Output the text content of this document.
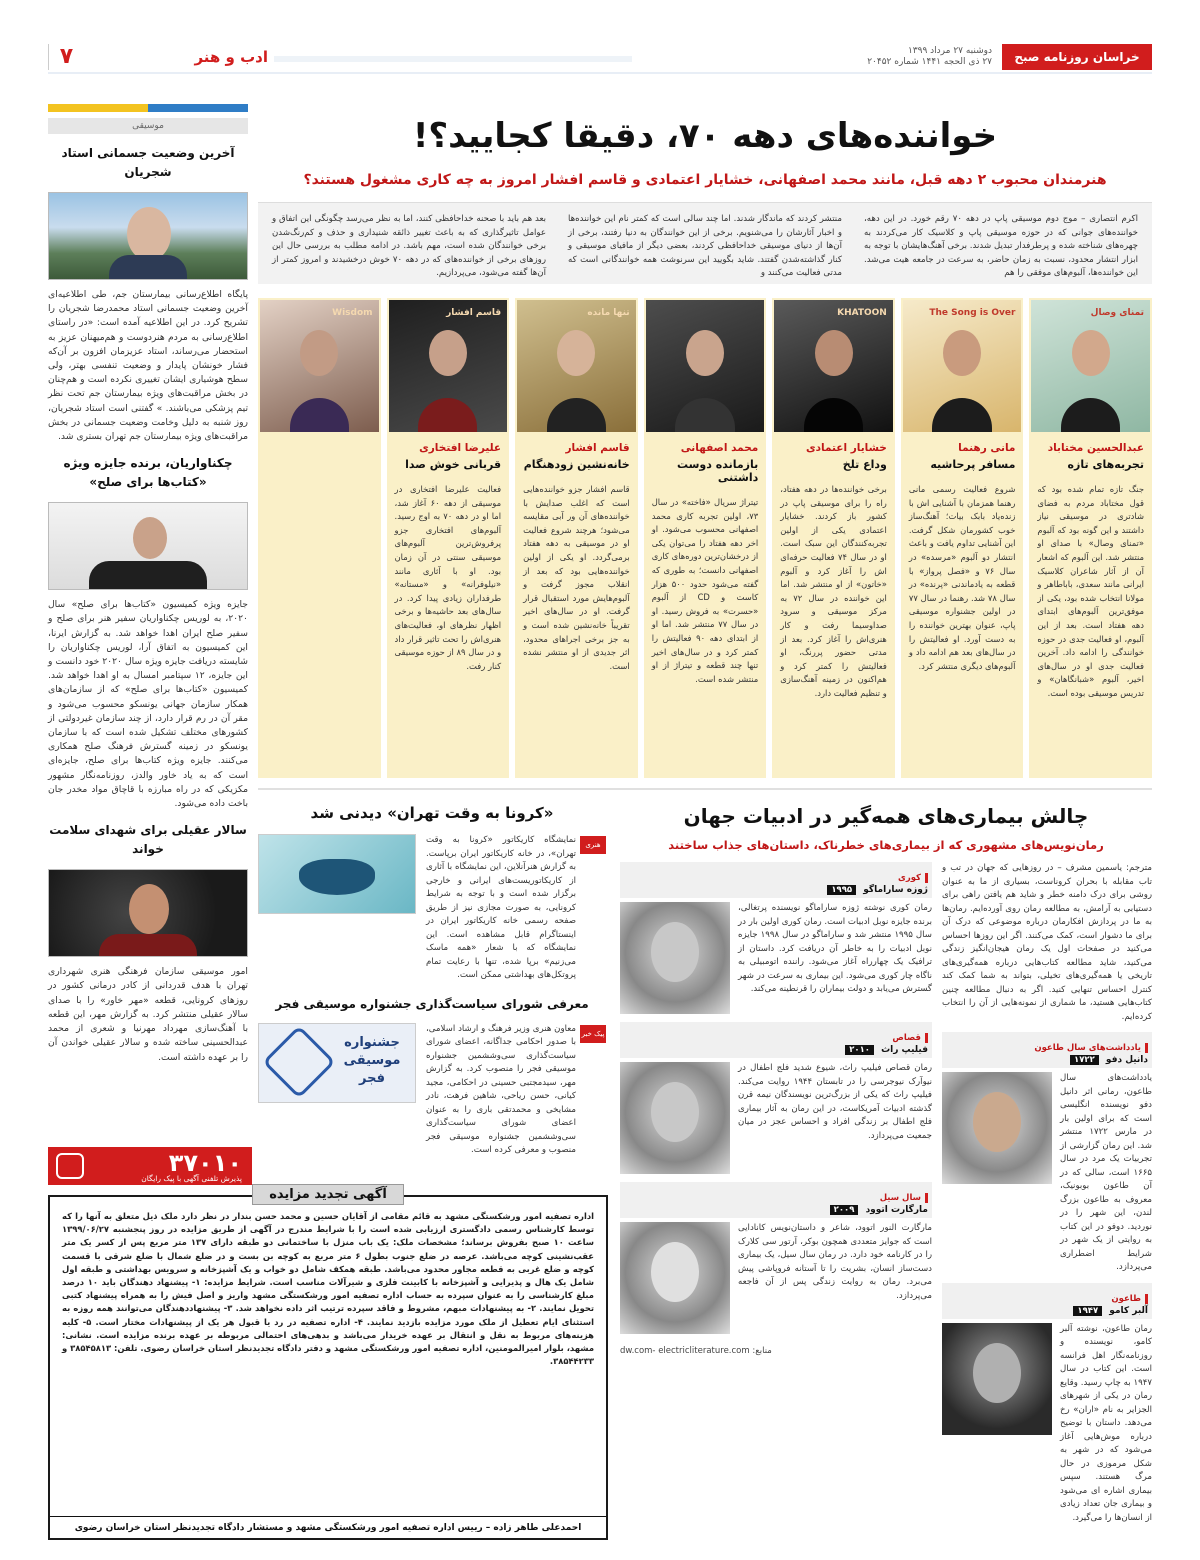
خراسان روزنامه صبح ایران
دوشنبه ۲۷ مرداد ۱۳۹۹
۲۷ ذی الحجه ۱۴۴۱ شماره ۲۰۴۵۲
ادب و هنر
۷
موسیقی
آخرین وضعیت جسمانی استاد شجریان
پایگاه اطلاع‌رسانی بیمارستان جم، طی اطلاعیه‌ای آخرین وضعیت جسمانی استاد محمدرضا شجریان را تشریح کرد. در این اطلاعیه آمده است: «در راستای اطلاع‌رسانی به مردم هنردوست و هم‌میهنان عزیز به استحضار می‌رساند، استاد عزیزمان افزون بر آن‌که فشار خونشان پایدار و وضعیت تنفسی بهتر، ولی سطح هوشیاری ایشان تغییری نکرده است و هم‌چنان در بخش مراقبت‌های ویژه بیمارستان جم تحت نظر تیم پزشکی می‌باشند. » گفتنی است استاد شجریان، روز شنبه به دلیل وخامت وضعیت جسمانی در بخش مراقبت‌های ویژه بیمارستان جم تهران بستری شد.
چکناواریان، برنده جایزه ویژه «کتاب‌ها برای صلح»
جایزه ویژه کمیسیون «کتاب‌ها برای صلح» سال ۲۰۲۰، به لوریس چکناواریان سفیر هنر برای صلح و سفیر صلح ایران اهدا خواهد شد. به گزارش ایرنا، این کمیسیون به اتفاق آرا، لوریس چکناواریان را شایسته دریافت جایزه ویژه سال ۲۰۲۰ خود دانست و این جایزه، ۱۲ سپتامبر امسال به او اهدا خواهد شد. کمیسیون «کتاب‌ها برای صلح» که از سازمان‌های همکار سازمان جهانی یونسکو محسوب می‌شود و مقر آن در رم قرار دارد، از چند سازمان غیردولتی از کشورهای مختلف تشکیل شده است که با سازمان یونسکو در زمینه گسترش فرهنگ صلح همکاری می‌کنند. جایزه ویژه کتاب‌ها برای صلح، جایزه‌ای است که به یاد خاور والدز، روزنامه‌نگار مشهور مکزیکی که در راه مبارزه با قاچاق مواد مخدر جان باخت داده می‌شود.
سالار عقیلی برای شهدای سلامت خواند
امور موسیقی سازمان فرهنگی هنری شهرداری تهران با هدف قدردانی از کادر درمانی کشور در روزهای کرونایی، قطعه «مهر خاور» را با صدای سالار عقیلی منتشر کرد. به گزارش مهر، این قطعه با آهنگ‌سازی مهرداد مهرنیا و شعری از محمد عبدالحسینی ساخته شده و سالار عقیلی خواندن آن را بر عهده داشته است.
۳۷۰۱۰
پذیرش تلفنی آگهی با پیک رایگان
خواننده‌های دهه ۷۰، دقیقا کجایید؟!
هنرمندان محبوب ۲ دهه قبل، مانند محمد اصفهانی، خشایار اعتمادی و قاسم افشار امروز به چه کاری مشغول هستند؟

اکرم انتصاری – موج دوم موسیقی پاپ در دهه ۷۰ رقم خورد. در این دهه، خواننده‌های جوانی که در حوزه موسیقی پاپ و کلاسیک کار می‌کردند به چهره‌های شناخته شده و پرطرفدار تبدیل شدند. برخی آهنگ‌هایشان با توجه به ابزار انتشار محدود، نسبت به زمان حاضر، به سرعت در جامعه هیت می‌شد. این خواننده‌ها، آلبوم‌های موفقی را هم

منتشر کردند که ماندگار شدند. اما چند سالی است که کمتر نام این خواننده‌ها و اخبار آثارشان را می‌شنویم. برخی از این خوانندگان به دنیا رفتند، برخی از آن‌ها از دنیای موسیقی خداحافظی کردند، بعضی دیگر از مافیای موسیقی و کنار گذاشته‌شدن گفتند. شاید بگویید این سرنوشت همه خوانندگانی است که مدتی فعالیت می‌کنند و

بعد هم باید با صحنه خداحافظی کنند، اما به نظر می‌رسد چگونگی این اتفاق و عوامل تاثیرگذاری که به باعث تغییر ذائقه شنیداری و حذف و کم‌رنگ‌شدن برخی خوانندگان شده است، مهم باشد. در ادامه مطلب به بررسی حال این روزهای برخی از خواننده‌های که در دهه ۷۰ خوش درخشیدند و امروز کمتر از آن‌ها گفته می‌شود، می‌پردازیم.

تمنای وصال
عبدالحسین مختاباد
تجربه‌های تازه
جنگ تازه تمام شده بود که قول مختاباد مردم به فضای شادتری در موسیقی نیاز داشتند و این گونه بود که آلبوم «تمنای وصال» با صدای او منتشر شد. این آلبوم که اشعار آن از آثار شاعران کلاسیک ایرانی مانند سعدی، باباطاهر و مولانا انتخاب شده بود، یکی از موفق‌ترین آلبوم‌های ابتدای دهه هفتاد است. بعد از این آلبوم، او فعالیت جدی در حوزه خوانندگی را ادامه داد. آخرین فعالیت جدی او در سال‌های اخیر، آلبوم «شبانگاهان» و تدریس موسیقی بوده است.
The Song is Over
مانی رهنما
مسافر پرحاشیه
شروع فعالیت رسمی مانی رهنما همزمان با آشنایی اش با زنده‌یاد بابک بیات؛ آهنگ‌ساز خوب کشورمان شکل گرفت. این آشنایی تداوم یافت و باعث انتشار دو آلبوم «مرسده» در سال ۷۶ و «فصل پرواز» با قطعه به یادماندنی «پرنده» در سال ۷۸ شد. رهنما در سال ۷۷ در اولین جشنواره موسیقی پاپ، عنوان بهترین خواننده را به دست آورد. او فعالیتش را در سال‌های بعد هم ادامه داد و آلبوم‌های دیگری منتشر کرد.
KHATOON
خشایار اعتمادی
وداع تلخ
برخی خواننده‌ها در دهه هفتاد، راه را برای موسیقی پاپ در کشور باز کردند. خشایار اعتمادی یکی از اولین تجربه‌کنندگان این سبک است. او در سال ۷۴ فعالیت حرفه‌ای اش را آغاز کرد و آلبوم «خاتون» از او منتشر شد. اما این خواننده در سال ۷۲ به مرکز موسیقی و سرود صداوسیما رفت و کار هنری‌اش را آغاز کرد. بعد از مدتی حضور پررنگ، او فعالیتش را کمتر کرد و هم‌اکنون در زمینه آهنگ‌سازی و تنظیم فعالیت دارد.
محمد اصفهانی
بازمانده دوست داشتنی
تیتراژ سریال «فاخته» در سال ۷۳، اولین تجربه کاری محمد اصفهانی محسوب می‌شود. او اخر دهه هفتاد را می‌توان یکی از درخشان‌ترین دوره‌های کاری اصفهانی دانست؛ به طوری که گفته می‌شود حدود ۵۰۰ هزار کاست و CD از آلبوم «حسرت» به فروش رسید. او در سال ۷۷ منتشر شد. اما او از ابتدای دهه ۹۰ فعالیتش را کمتر کرد و در سال‌های اخیر تنها چند قطعه و تیتراژ از او منتشر شده است.
تنها مانده
قاسم افشار
خانه‌نشین زودهنگام
قاسم افشار جزو خواننده‌هایی است که اغلب صدایش با خواننده‌های آن ور آبی مقایسه می‌شود؛ هرچند شروع فعالیت او در موسیقی به دهه هفتاد برمی‌گردد. او یکی از اولین خواننده‌هایی بود که بعد از انقلاب مجوز گرفت و آلبوم‌هایش مورد استقبال قرار گرفت. او در سال‌های اخیر تقریباً خانه‌نشین شده است و به جز برخی اجراهای محدود، اثر جدیدی از او منتشر نشده است.
قاسم افشار
علیرضا افتخاری
قربانی خوش صدا
فعالیت علیرضا افتخاری در موسیقی از دهه ۶۰ آغاز شد، اما او در دهه ۷۰ به اوج رسید. آلبوم‌های افتخاری جزو پرفروش‌ترین آلبوم‌های موسیقی سنتی در آن زمان بود. او با آثاری مانند «نیلوفرانه» و «مستانه» طرفداران زیادی پیدا کرد. در سال‌های بعد حاشیه‌ها و برخی اظهار نظرهای او، فعالیت‌های هنری‌اش را تحت تاثیر قرار داد و در سال ۸۹ از حوزه موسیقی کنار رفت.
Wisdom
«کرونا به وقت تهران» دیدنی شد
هنری
نمایشگاه کاریکاتور «کرونا به وقت تهران»، در خانه کاریکاتور ایران برپاست. به گزارش هنرآنلاین، این نمایشگاه با آثاری از کاریکاتوریست‌های ایرانی و خارجی برگزار شده است و با توجه به شرایط کرونایی، به صورت مجازی نیز از طریق صفحه رسمی خانه کاریکاتور ایران در اینستاگرام قابل مشاهده است. این نمایشگاه که با شعار «همه ماسک می‌زنیم» برپا شده، تنها با رعایت تمام پروتکل‌های بهداشتی ممکن است.
معرفی شورای سیاست‌گذاری جشنواره موسیقی فجر
پیک خبر
معاون هنری وزیر فرهنگ و ارشاد اسلامی، با صدور احکامی جداگانه، اعضای شورای سیاست‌گذاری سی‌وششمین جشنواره موسیقی فجر را منصوب کرد. به گزارش مهر، سیدمجتبی حسینی در احکامی، مجید کیانی، حسن ریاحی، شاهین فرهت، نادر مشایخی و محمدتقی باری را به عنوان اعضای شورای سیاست‌گذاری سی‌وششمین جشنواره موسیقی فجر منصوب و معرفی کرده است.
جشنواره موسیقی فجر
چالش بیماری‌های همه‌گیر در ادبیات جهان
رمان‌نویس‌های مشهوری که از بیماری‌های خطرناک، داستان‌های جذاب ساختند
مترجم: یاسمین مشرف – در روزهایی که جهان در تب و تاب مقابله با بحران کروناست، بسیاری از ما به عنوان روشی برای درک دامنه خطر و شاید هم یافتن راهی برای دستیابی به آرامش، به مطالعه رمان روی آورده‌ایم. رمان‌ها به ما در پردازش افکارمان درباره موضوعی که درک آن برای ما دشوار است، کمک می‌کنند. اگر این روزها احساس می‌کنید در صفحات اول یک رمان هیجان‌انگیز زندگی می‌کنید، شاید مطالعه کتاب‌هایی درباره همه‌گیری‌های تاریخی یا همه‌گیری‌های تخیلی، بتواند به شما کمک کند کنترل احساس تنهایی کنید. اگر به دنبال مطالعه چنین کتاب‌هایی هستید، ما شماری از نمونه‌هایی از آن را انتخاب کرده‌ایم.
یادداشت‌های سال طاعون
دانیل دفو ۱۷۲۲
یادداشت‌های سال طاعون، رمانی اثر دانیل دفو نویسنده انگلیسی است که برای اولین بار در مارس ۱۷۲۲ منتشر شد. این رمان گزارشی از تجربیات یک مرد در سال ۱۶۶۵ است، سالی که در آن طاعون بوبونیک، معروف به طاعون بزرگ لندن، این شهر را در نوردید. دوفو در این کتاب به روایتی از یک شهر در شرایط اضطراری می‌پردازد.
طاعون
آلبر کامو ۱۹۴۷
رمان طاعون، نوشته آلبر کامو، نویسنده و روزنامه‌نگار اهل فرانسه است. این کتاب در سال ۱۹۴۷ به چاپ رسید. وقایع رمان در یکی از شهرهای الجزایر به نام «اران» رخ می‌دهد. داستان با توضیح درباره موش‌هایی آغاز می‌شود که در شهر به شکل مرموزی در حال مرگ هستند. سپس بیماری اشاره ای می‌شود و بیماری جان تعداد زیادی از انسان‌ها را می‌گیرد.
کوری
ژوزه ساراماگو ۱۹۹۵
رمان کوری نوشته ژوزه ساراماگو نویسنده پرتغالی، برنده جایزه نوبل ادبیات است. رمان کوری اولین بار در سال ۱۹۹۵ منتشر شد و ساراماگو در سال ۱۹۹۸ جایزه نوبل ادبیات را به خاطر آن دریافت کرد. داستان از ترافیک یک چهارراه آغاز می‌شود. راننده اتومبیلی به ناگاه چار کوری می‌شود. این بیماری به سرعت در شهر گسترش می‌یابد و دولت بیماران را قرنطینه می‌کند.
قصاص
فیلیپ راث ۲۰۱۰
رمان قصاص فیلیپ راث، شیوع شدید فلج اطفال در نیوآرک نیوجرسی را در تابستان ۱۹۴۴ روایت می‌کند. فیلیپ راث که یکی از بزرگ‌ترین نویسندگان نیمه قرن گذشته ادبیات آمریکاست، در این رمان به آثار بیماری فلج اطفال بر زندگی افراد و احساس عجز در میان جمعیت می‌پردازد.
سال سیل
مارگارت اتوود ۲۰۰۹
مارگارت النور اتوود، شاعر و داستان‌نویس کانادایی است که جوایز متعددی همچون بوکر، آرتور سی کلارک را در کارنامه خود دارد. در رمان سال سیل، یک بیماری دست‌ساز انسان، بشریت را تا آستانه فروپاشی پیش می‌برد. رمان به روایت زندگی پس از آن فاجعه می‌پردازد.
منابع: dw.com- electricliterature.com
آگهی تجدید مزایده
اداره تصفیه امور ورشکستگی مشهد به قائم مقامی از آقایان حسین و محمد حسن بندار در نظر دارد ملک ذیل متعلق به آنها را که توسط کارشناس رسمی دادگستری ارزیابی شده است را با شرایط مندرج در آگهی از طریق مزایده در روز پنجشنبه ۱۳۹۹/۰۶/۲۷ ساعت ۱۰ صبح بفروش برساند؛ مشخصات ملک: یک باب منزل با ساختمانی دو طبقه دارای ۱۳۷ متر مربع پس از کسر یک متر عقب‌نشینی کوچه می‌باشد. عرصه در ضلع جنوب بطول ۶ متر مربع به کوچه بن بست و در ضلع شمال با ضلع شرقی با قسمت کوچه و ضلع غربی به قطعه مجاور محدود می‌باشد. طبقه همکف شامل دو خواب و یک آشپزخانه و سرویس بهداشتی و طبقه اول شامل یک هال و پذیرایی و آشپزخانه با کابینت فلزی و شیرآلات مناسب است. شرایط مزایده: ۱- پیشنهاد دهندگان باید ۱۰ درصد مبلغ کارشناسی را به عنوان سپرده به حساب اداره تصفیه امور ورشکستگی مشهد واریز و اصل فیش را به همراه پیشنهاد کتبی تحویل نمایند. ۲- به پیشنهادات مبهم، مشروط و فاقد سپرده ترتیب اثر داده نخواهد شد. ۳- پیشنهاددهندگان می‌توانند همه روزه به استثنای ایام تعطیل از ملک مورد مزایده بازدید نمایند. ۴- اداره تصفیه در رد یا قبول هر یک از پیشنهادات مختار است. ۵- کلیه هزینه‌های مربوط به نقل و انتقال بر عهده خریدار می‌باشد و بدهی‌های احتمالی مربوطه بر عهده برنده مزایده است. نشانی: مشهد، بلوار امیرالمومنین، اداره تصفیه امور ورشکستگی مشهد و دفتر دادگاه تجدیدنظر استان خراسان رضوی. تلفن: ۳۸۵۴۵۸۱۳ و ۳۸۵۴۴۲۳۳.
احمدعلی طاهر زاده – رییس اداره تصفیه امور ورشکستگی مشهد و مستشار دادگاه تجدیدنظر استان خراسان رضوی
